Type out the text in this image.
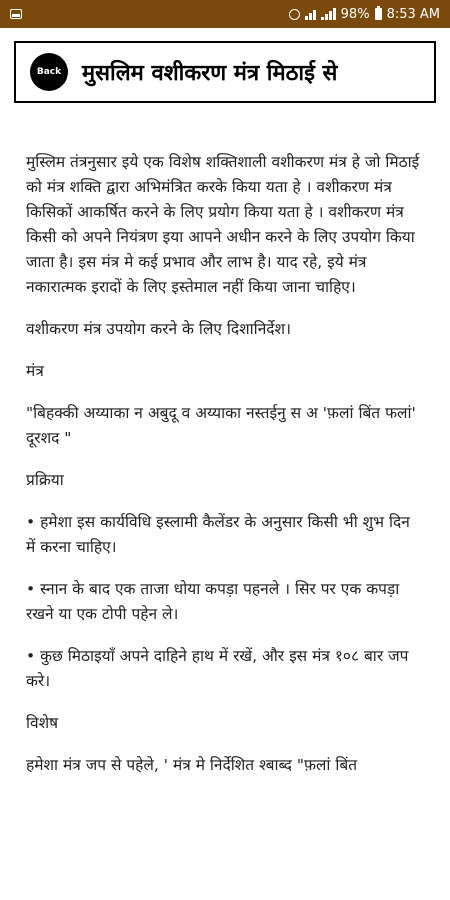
98% 8:53 AM
Back मुसलिम वशीकरण मंत्र मिठाई से

मुस्लिम तंत्रनुसार इये एक विशेष शक्तिशाली वशीकरण मंत्र हे जो मिठाई को मंत्र शक्ति द्वारा अभिमंत्रित करके किया यता हे । वशीकरण मंत्र किसिकों आकर्षित करने के लिए प्रयोग किया यता हे । वशीकरण मंत्र किसी को अपने नियंत्रण इया आपने अधीन करने के लिए उपयोग किया जाता है। इस मंत्र मे कई प्रभाव और लाभ है। याद रहे, इये मंत्र नकारात्मक इरादों के लिए इस्तेमाल नहीं किया जाना चाहिए।

वशीकरण मंत्र उपयोग करने के लिए दिशानिर्देश।

मंत्र

"बिहक्की अय्याका न अबुदू व अय्याका नस्तईनु स अ 'फ़लां बिंत फलां' दूरशद "

प्रक्रिया

• हमेशा इस कार्यविधि इस्लामी कैलेंडर के अनुसार किसी भी शुभ दिन में करना चाहिए।

• स्नान के बाद एक ताजा धोया कपड़ा पहनले । सिर पर एक कपड़ा रखने या एक टोपी पहेन ले।

• कुछ मिठाइयाँ अपने दाहिने हाथ में रखें, और इस मंत्र १०८ बार जप करे।

विशेष

हमेशा मंत्र जप से पहेले, ' मंत्र मे निर्देशित श्बाब्द "फ़लां बिंत
